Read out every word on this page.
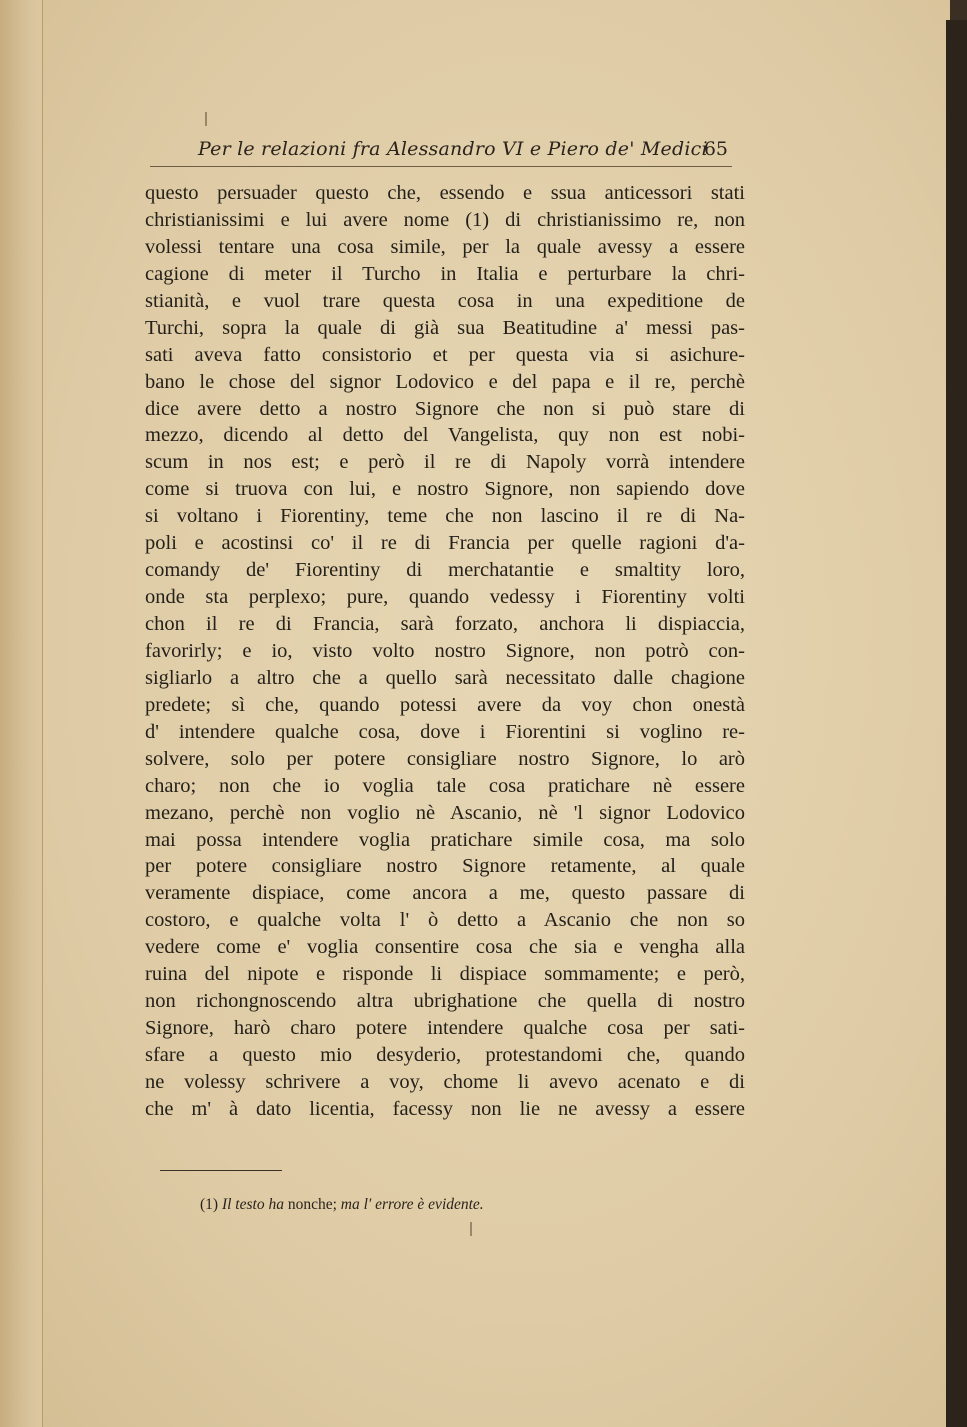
Per le relazioni fra Alessandro VI e Piero de' Medici
65
questo persuader questo che, essendo e ssua anticessori stati
christianissimi e lui avere nome (1) di christianissimo re, non
volessi tentare una cosa simile, per la quale avessy a essere
cagione di meter il Turcho in Italia e perturbare la chri-
stianità, e vuol trare questa cosa in una expeditione de
Turchi, sopra la quale di già sua Beatitudine a' messi pas-
sati aveva fatto consistorio et per questa via si asichure-
bano le chose del signor Lodovico e del papa e il re, perchè
dice avere detto a nostro Signore che non si può stare di
mezzo, dicendo al detto del Vangelista, quy non est nobi-
scum in nos est; e però il re di Napoly vorrà intendere
come si truova con lui, e nostro Signore, non sapiendo dove
si voltano i Fiorentiny, teme che non lascino il re di Na-
poli e acostinsi co' il re di Francia per quelle ragioni d'a-
comandy de' Fiorentiny di merchatantie e smaltity loro,
onde sta perplexo; pure, quando vedessy i Fiorentiny volti
chon il re di Francia, sarà forzato, anchora li dispiaccia,
favorirly; e io, visto volto nostro Signore, non potrò con-
sigliarlo a altro che a quello sarà necessitato dalle chagione
predete; sì che, quando potessi avere da voy chon onestà
d' intendere qualche cosa, dove i Fiorentini si voglino re-
solvere, solo per potere consigliare nostro Signore, lo arò
charo; non che io voglia tale cosa pratichare nè essere
mezano, perchè non voglio nè Ascanio, nè 'l signor Lodovico
mai possa intendere voglia pratichare simile cosa, ma solo
per potere consigliare nostro Signore retamente, al quale
veramente dispiace, come ancora a me, questo passare di
costoro, e qualche volta l' ò detto a Ascanio che non so
vedere come e' voglia consentire cosa che sia e vengha alla
ruina del nipote e risponde li dispiace sommamente; e però,
non richongnoscendo altra ubrighatione che quella di nostro
Signore, harò charo potere intendere qualche cosa per sati-
sfare a questo mio desyderio, protestandomi che, quando
ne volessy schrivere a voy, chome li avevo acenato e di
che m' à dato licentia, facessy non lie ne avessy a essere
(1) Il testo ha nonche; ma l' errore è evidente.
